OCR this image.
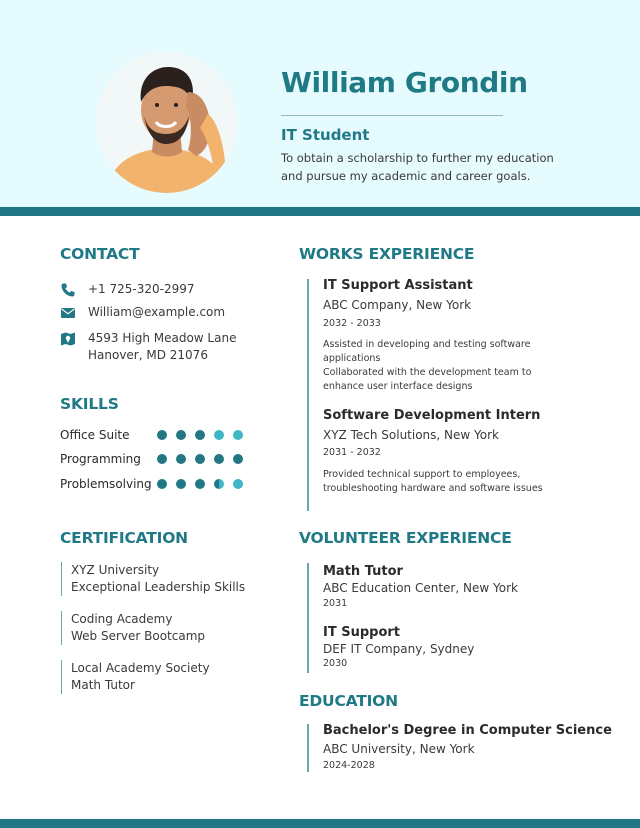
William Grondin
IT Student
To obtain a scholarship to further my education and pursue my academic and career goals.
CONTACT
+1 725-320-2997
William@example.com
4593 High Meadow Lane
Hanover, MD 21076
SKILLS
Office Suite
Programming
Problemsolving
CERTIFICATION
XYZ University
Exceptional Leadership Skills
Coding Academy
Web Server Bootcamp
Local Academy Society
Math Tutor
WORKS EXPERIENCE
IT Support Assistant
ABC Company, New York
2032 - 2033
Assisted in developing and testing software applications
Collaborated with the development team to enhance user interface designs
Software Development Intern
XYZ Tech Solutions, New York
2031 - 2032
Provided technical support to employees, troubleshooting hardware and software issues
VOLUNTEER EXPERIENCE
Math Tutor
ABC Education Center, New York
2031
IT Support
DEF IT Company, Sydney
2030
EDUCATION
Bachelor's Degree in Computer Science
ABC University, New York
2024-2028
